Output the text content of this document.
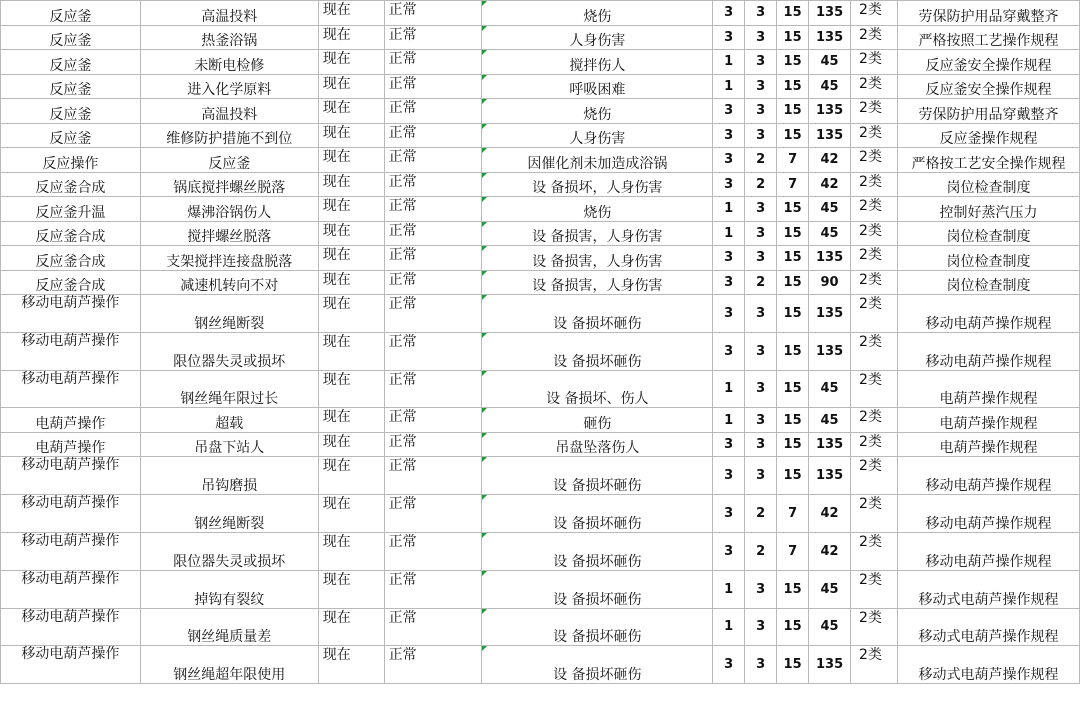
反应釜	高温投料	现在	正常	烧伤	3	3	15	135	2类	劳保防护用品穿戴整齐
反应釜	热釜浴锅	现在	正常	人身伤害	3	3	15	135	2类	严格按照工艺操作规程
反应釜	未断电检修	现在	正常	搅拌伤人	1	3	15	45	2类	反应釜安全操作规程
反应釜	进入化学原料	现在	正常	呼吸困难	1	3	15	45	2类	反应釜安全操作规程
反应釜	高温投料	现在	正常	烧伤	3	3	15	135	2类	劳保防护用品穿戴整齐
反应釜	维修防护措施不到位	现在	正常	人身伤害	3	3	15	135	2类	反应釜操作规程
反应操作	反应釜	现在	正常	因催化剂未加造成浴锅	3	2	7	42	2类	严格按工艺安全操作规程
反应釜合成	锅底搅拌螺丝脱落	现在	正常	设 备损坏，人身伤害	3	2	7	42	2类	岗位检查制度
反应釜升温	爆沸浴锅伤人	现在	正常	烧伤	1	3	15	45	2类	控制好蒸汽压力
反应釜合成	搅拌螺丝脱落	现在	正常	设 备损害，人身伤害	1	3	15	45	2类	岗位检查制度
反应釜合成	支架搅拌连接盘脱落	现在	正常	设 备损害，人身伤害	3	3	15	135	2类	岗位检查制度
反应釜合成	减速机转向不对	现在	正常	设 备损害，人身伤害	3	2	15	90	2类	岗位检查制度

移动电葫芦操作	钢丝绳断裂	现在	正常	设 备损坏砸伤	3	3	15	135	2类	移动电葫芦操作规程

移动电葫芦操作	限位器失灵或损坏	现在	正常	设 备损坏砸伤	3	3	15	135	2类	移动电葫芦操作规程

移动电葫芦操作	钢丝绳年限过长	现在	正常	设 备损坏、伤人	1	3	15	45	2类	电葫芦操作规程
电葫芦操作	超载	现在	正常	砸伤	1	3	15	45	2类	电葫芦操作规程
电葫芦操作	吊盘下站人	现在	正常	吊盘坠落伤人	3	3	15	135	2类	电葫芦操作规程

移动电葫芦操作	吊钩磨损	现在	正常	设 备损坏砸伤	3	3	15	135	2类	移动电葫芦操作规程

移动电葫芦操作	钢丝绳断裂	现在	正常	设 备损坏砸伤	3	2	7	42	2类	移动电葫芦操作规程

移动电葫芦操作	限位器失灵或损坏	现在	正常	设 备损坏砸伤	3	2	7	42	2类	移动电葫芦操作规程

移动电葫芦操作	掉钩有裂纹	现在	正常	设 备损坏砸伤	1	3	15	45	2类	移动式电葫芦操作规程

移动电葫芦操作	钢丝绳质量差	现在	正常	设 备损坏砸伤	1	3	15	45	2类	移动式电葫芦操作规程

移动电葫芦操作	钢丝绳超年限使用	现在	正常	设 备损坏砸伤	3	3	15	135	2类	移动式电葫芦操作规程
